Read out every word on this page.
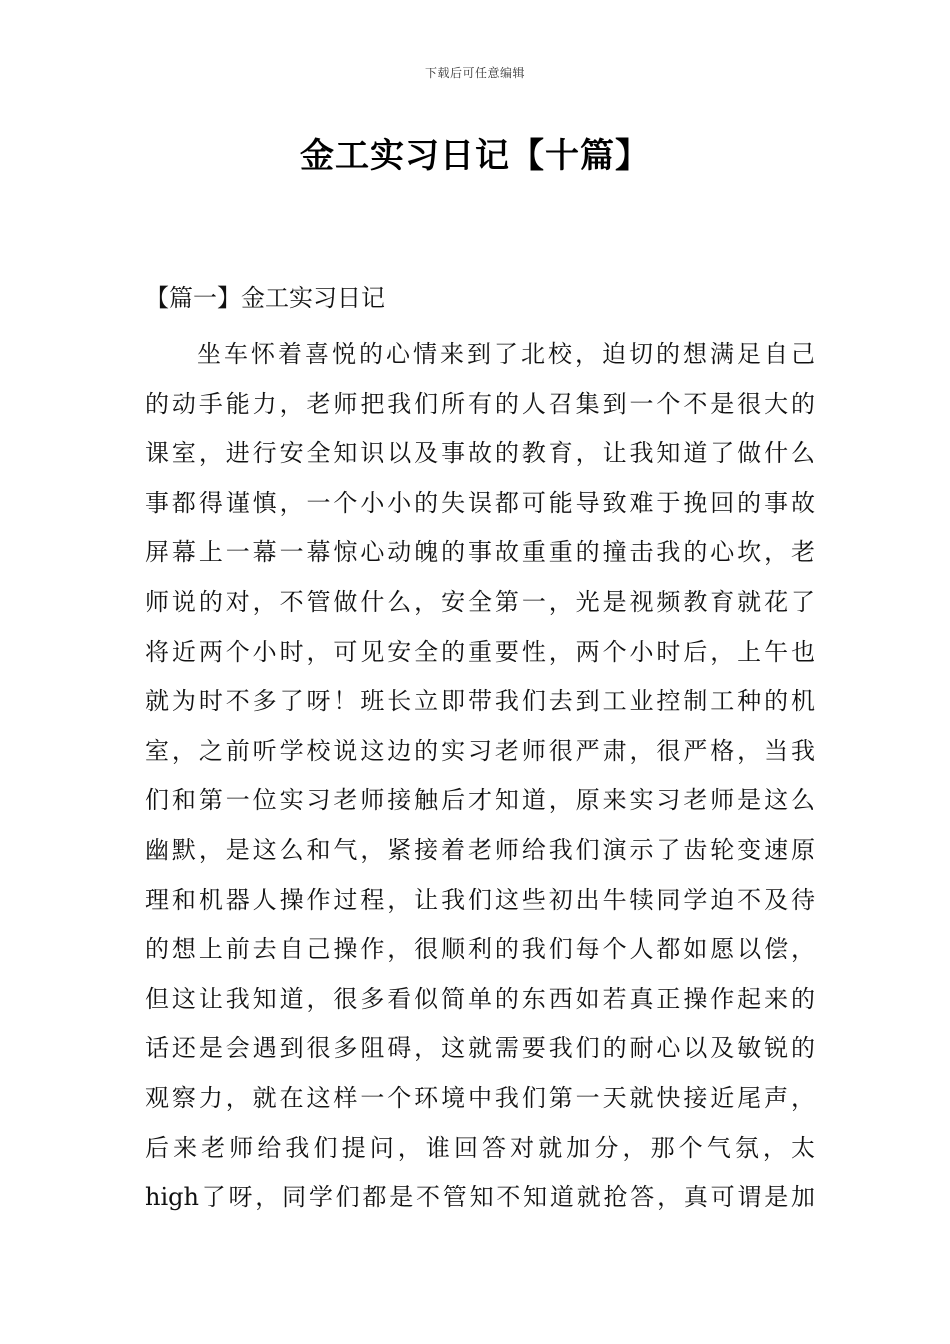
下载后可任意编辑
金工实习日记【十篇】
【篇一】金工实习日记
坐车怀着喜悦的心情来到了北校，迫切的想满足自己
的动手能力，老师把我们所有的人召集到一个不是很大的
课室，进行安全知识以及事故的教育，让我知道了做什么
事都得谨慎，一个小小的失误都可能导致难于挽回的事故
屏幕上一幕一幕惊心动魄的事故重重的撞击我的心坎，老
师说的对，不管做什么，安全第一，光是视频教育就花了
将近两个小时，可见安全的重要性，两个小时后，上午也
就为时不多了呀！班长立即带我们去到工业控制工种的机
室，之前听学校说这边的实习老师很严肃，很严格，当我
们和第一位实习老师接触后才知道，原来实习老师是这么
幽默，是这么和气，紧接着老师给我们演示了齿轮变速原
理和机器人操作过程，让我们这些初出牛犊同学迫不及待
的想上前去自己操作，很顺利的我们每个人都如愿以偿，
但这让我知道，很多看似简单的东西如若真正操作起来的
话还是会遇到很多阻碍，这就需要我们的耐心以及敏锐的
观察力，就在这样一个环境中我们第一天就快接近尾声，
后来老师给我们提问，谁回答对就加分，那个气氛，太
high了呀，同学们都是不管知不知道就抢答，真可谓是加
